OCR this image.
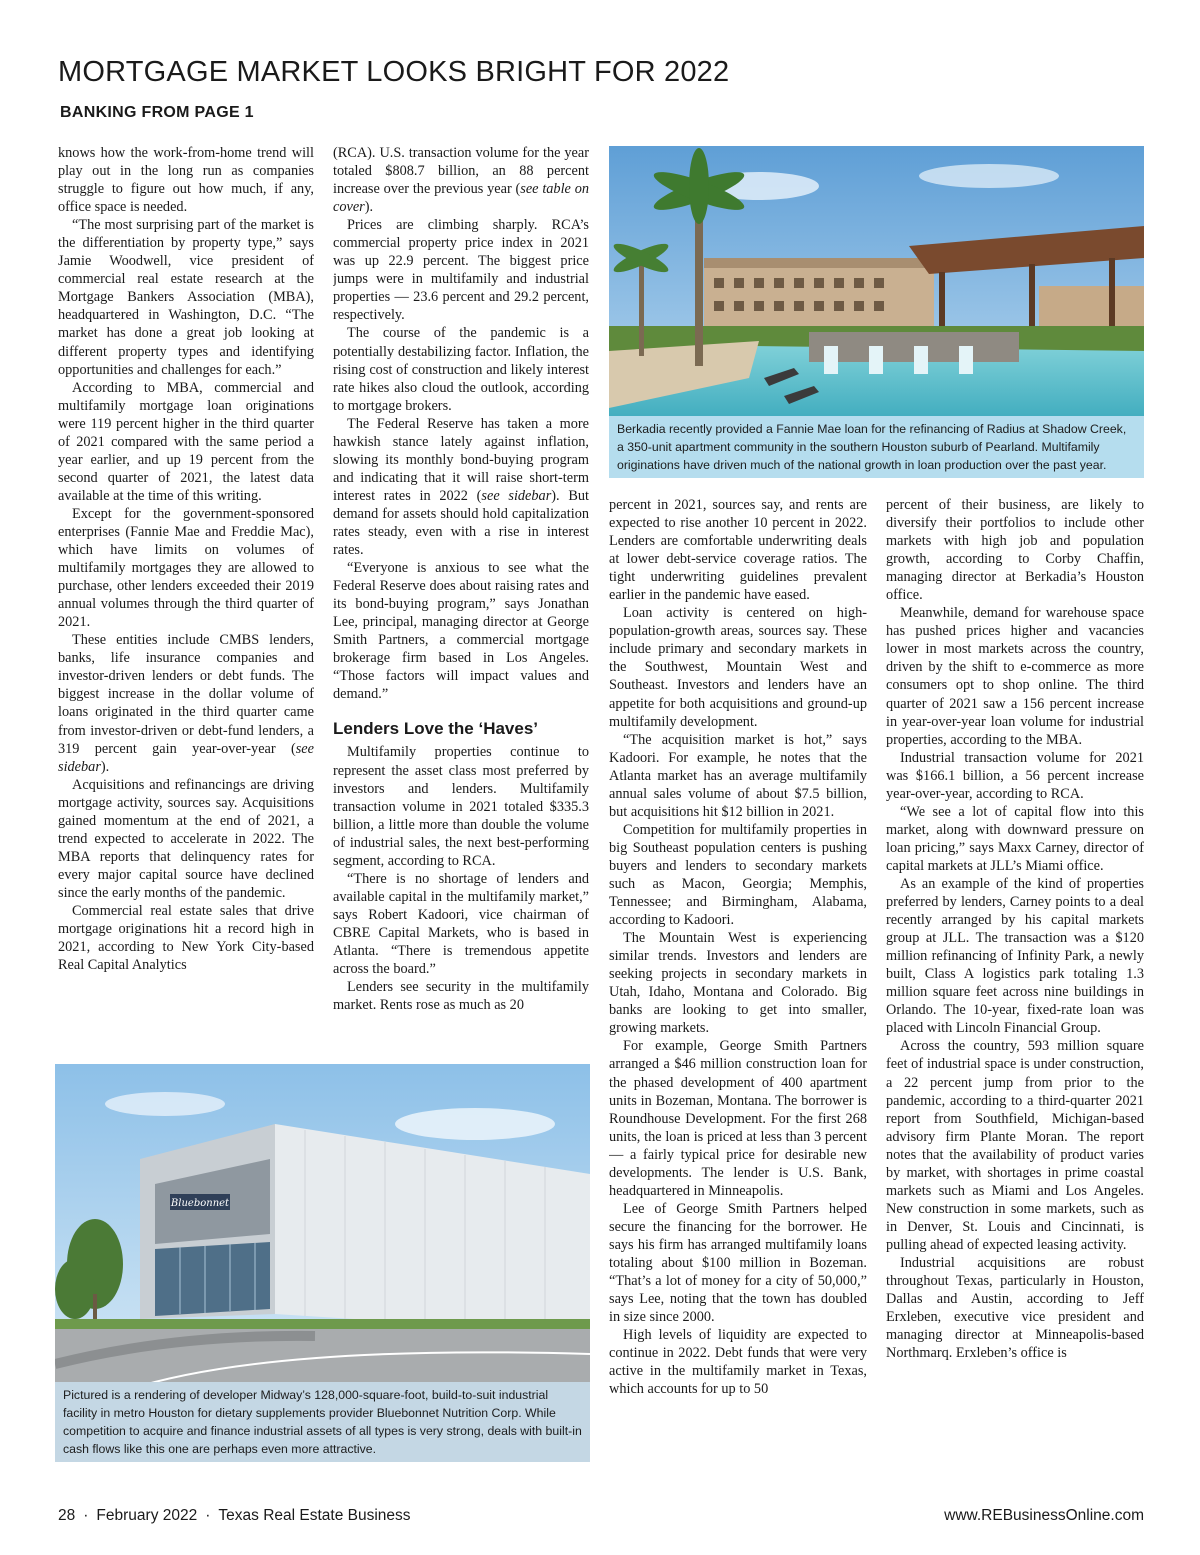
MORTGAGE MARKET LOOKS BRIGHT FOR 2022
BANKING FROM PAGE 1

knows how the work-from-home trend will play out in the long run as companies struggle to figure out how much, if any, office space is needed.

“The most surprising part of the market is the differentiation by property type,” says Jamie Woodwell, vice president of commercial real estate research at the Mortgage Bankers Association (MBA), headquartered in Washington, D.C. “The market has done a great job looking at different property types and identifying opportunities and challenges for each.”

According to MBA, commercial and multifamily mortgage loan originations were 119 percent higher in the third quarter of 2021 compared with the same period a year earlier, and up 19 percent from the second quarter of 2021, the latest data available at the time of this writing.

Except for the government-sponsored enterprises (Fannie Mae and Freddie Mac), which have limits on volumes of multifamily mortgages they are allowed to purchase, other lenders exceeded their 2019 annual volumes through the third quarter of 2021.

These entities include CMBS lenders, banks, life insurance companies and investor-driven lenders or debt funds. The biggest increase in the dollar volume of loans originated in the third quarter came from investor-driven or debt-fund lenders, a 319 percent gain year-over-year (see sidebar).

Acquisitions and refinancings are driving mortgage activity, sources say. Acquisitions gained momentum at the end of 2021, a trend expected to accelerate in 2022. The MBA reports that delinquency rates for every major capital source have declined since the early months of the pandemic.

Commercial real estate sales that drive mortgage originations hit a record high in 2021, according to New York City-based Real Capital Analytics

(RCA). U.S. transaction volume for the year totaled $808.7 billion, an 88 percent increase over the previous year (see table on cover).

Prices are climbing sharply. RCA’s commercial property price index in 2021 was up 22.9 percent. The biggest price jumps were in multifamily and industrial properties — 23.6 percent and 29.2 percent, respectively.

The course of the pandemic is a potentially destabilizing factor. Inflation, the rising cost of construction and likely interest rate hikes also cloud the outlook, according to mortgage brokers.

The Federal Reserve has taken a more hawkish stance lately against inflation, slowing its monthly bond-buying program and indicating that it will raise short-term interest rates in 2022 (see sidebar). But demand for assets should hold capitalization rates steady, even with a rise in interest rates.

“Everyone is anxious to see what the Federal Reserve does about raising rates and its bond-buying program,” says Jonathan Lee, principal, managing director at George Smith Partners, a commercial mortgage brokerage firm based in Los Angeles. “Those factors will impact values and demand.”

Lenders Love the ‘Haves’

Multifamily properties continue to represent the asset class most preferred by investors and lenders. Multifamily transaction volume in 2021 totaled $335.3 billion, a little more than double the volume of industrial sales, the next best-performing segment, according to RCA.

“There is no shortage of lenders and available capital in the multifamily market,” says Robert Kadoori, vice chairman of CBRE Capital Markets, who is based in Atlanta. “There is tremendous appetite across the board.”

Lenders see security in the multifamily market. Rents rose as much as 20

Berkadia recently provided a Fannie Mae loan for the refinancing of Radius at Shadow Creek, a 350-unit apartment community in the southern Houston suburb of Pearland. Multifamily originations have driven much of the national growth in loan production over the past year.

percent in 2021, sources say, and rents are expected to rise another 10 percent in 2022. Lenders are comfortable underwriting deals at lower debt-service coverage ratios. The tight underwriting guidelines prevalent earlier in the pandemic have eased.

Loan activity is centered on high-population-growth areas, sources say. These include primary and secondary markets in the Southwest, Mountain West and Southeast. Investors and lenders have an appetite for both acquisitions and ground-up multifamily development.

“The acquisition market is hot,” says Kadoori. For example, he notes that the Atlanta market has an average multifamily annual sales volume of about $7.5 billion, but acquisitions hit $12 billion in 2021.

Competition for multifamily properties in big Southeast population centers is pushing buyers and lenders to secondary markets such as Macon, Georgia; Memphis, Tennessee; and Birmingham, Alabama, according to Kadoori.

The Mountain West is experiencing similar trends. Investors and lenders are seeking projects in secondary markets in Utah, Idaho, Montana and Colorado. Big banks are looking to get into smaller, growing markets.

For example, George Smith Partners arranged a $46 million construction loan for the phased development of 400 apartment units in Bozeman, Montana. The borrower is Roundhouse Development. For the first 268 units, the loan is priced at less than 3 percent — a fairly typical price for desirable new developments. The lender is U.S. Bank, headquartered in Minneapolis.

Lee of George Smith Partners helped secure the financing for the borrower. He says his firm has arranged multifamily loans totaling about $100 million in Bozeman. “That’s a lot of money for a city of 50,000,” says Lee, noting that the town has doubled in size since 2000.

High levels of liquidity are expected to continue in 2022. Debt funds that were very active in the multifamily market in Texas, which accounts for up to 50

percent of their business, are likely to diversify their portfolios to include other markets with high job and population growth, according to Corby Chaffin, managing director at Berkadia’s Houston office.

Meanwhile, demand for warehouse space has pushed prices higher and vacancies lower in most markets across the country, driven by the shift to e-commerce as more consumers opt to shop online. The third quarter of 2021 saw a 156 percent increase in year-over-year loan volume for industrial properties, according to the MBA.

Industrial transaction volume for 2021 was $166.1 billion, a 56 percent increase year-over-year, according to RCA.

“We see a lot of capital flow into this market, along with downward pressure on loan pricing,” says Maxx Carney, director of capital markets at JLL’s Miami office.

As an example of the kind of properties preferred by lenders, Carney points to a deal recently arranged by his capital markets group at JLL. The transaction was a $120 million refinancing of Infinity Park, a newly built, Class A logistics park totaling 1.3 million square feet across nine buildings in Orlando. The 10-year, fixed-rate loan was placed with Lincoln Financial Group.

Across the country, 593 million square feet of industrial space is under construction, a 22 percent jump from prior to the pandemic, according to a third-quarter 2021 report from Southfield, Michigan-based advisory firm Plante Moran. The report notes that the availability of product varies by market, with shortages in prime coastal markets such as Miami and Los Angeles. New construction in some markets, such as in Denver, St. Louis and Cincinnati, is pulling ahead of expected leasing activity.

Industrial acquisitions are robust throughout Texas, particularly in Houston, Dallas and Austin, according to Jeff Erxleben, executive vice president and managing director at Minneapolis-based Northmarq. Erxleben’s office is

Bluebonnet
Pictured is a rendering of developer Midway’s 128,000-square-foot, build-to-suit industrial facility in metro Houston for dietary supplements provider Bluebonnet Nutrition Corp. While competition to acquire and finance industrial assets of all types is very strong, deals with built-in cash flows like this one are perhaps even more attractive.
28 · February 2022 · Texas Real Estate Business	www.REBusinessOnline.com
